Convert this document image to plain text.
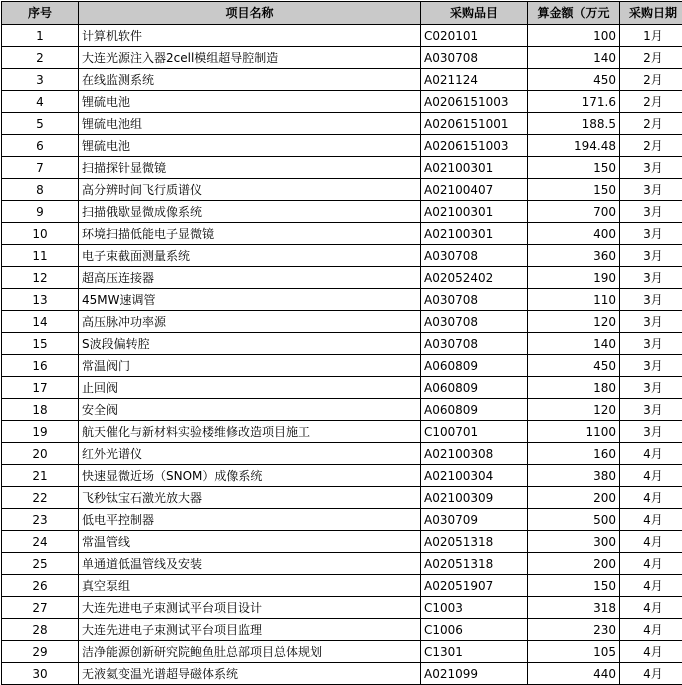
序号	项目名称	采购品目	算金额（万元	采购日期
1	计算机软件	C020101	100	1月
2	大连光源注入器2cell模组超导腔制造	A030708	140	2月
3	在线监测系统	A021124	450	2月
4	锂硫电池	A0206151003	171.6	2月
5	锂硫电池组	A0206151001	188.5	2月
6	锂硫电池	A0206151003	194.48	2月
7	扫描探针显微镜	A02100301	150	3月
8	高分辨时间飞行质谱仪	A02100407	150	3月
9	扫描俄歇显微成像系统	A02100301	700	3月
10	环境扫描低能电子显微镜	A02100301	400	3月
11	电子束截面测量系统	A030708	360	3月
12	超高压连接器	A02052402	190	3月
13	45MW速调管	A030708	110	3月
14	高压脉冲功率源	A030708	120	3月
15	S波段偏转腔	A030708	140	3月
16	常温阀门	A060809	450	3月
17	止回阀	A060809	180	3月
18	安全阀	A060809	120	3月
19	航天催化与新材料实验楼维修改造项目施工	C100701	1100	3月
20	红外光谱仪	A02100308	160	4月
21	快速显微近场（SNOM）成像系统	A02100304	380	4月
22	飞秒钛宝石激光放大器	A02100309	200	4月
23	低电平控制器	A030709	500	4月
24	常温管线	A02051318	300	4月
25	单通道低温管线及安装	A02051318	200	4月
26	真空泵组	A02051907	150	4月
27	大连先进电子束测试平台项目设计	C1003	318	4月
28	大连先进电子束测试平台项目监理	C1006	230	4月
29	洁净能源创新研究院鲍鱼肚总部项目总体规划	C1301	105	4月
30	无液氦变温光谱超导磁体系统	A021099	440	4月
